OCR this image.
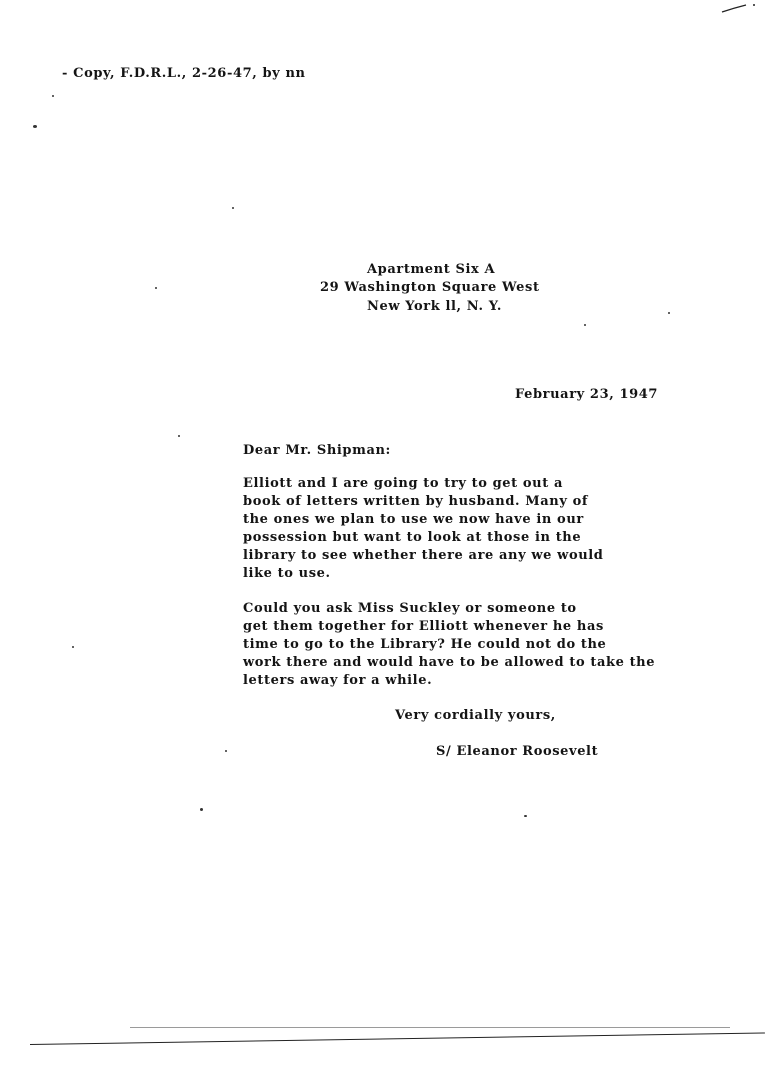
- Copy, F.D.R.L., 2-26-47, by nn
Apartment Six A
29 Washington Square West
New York ll, N. Y.
February 23, 1947
Dear Mr. Shipman:
Elliott and I are going to try to get out a
book of letters written by husband. Many of
the ones we plan to use we now have in our
possession but want to look at those in the
library to see whether there are any we would
like to use.
Could you ask Miss Suckley or someone to
get them together for Elliott whenever he has
time to go to the Library? He could not do the
work there and would have to be allowed to take the
letters away for a while.
Very cordially yours,
S/ Eleanor Roosevelt
